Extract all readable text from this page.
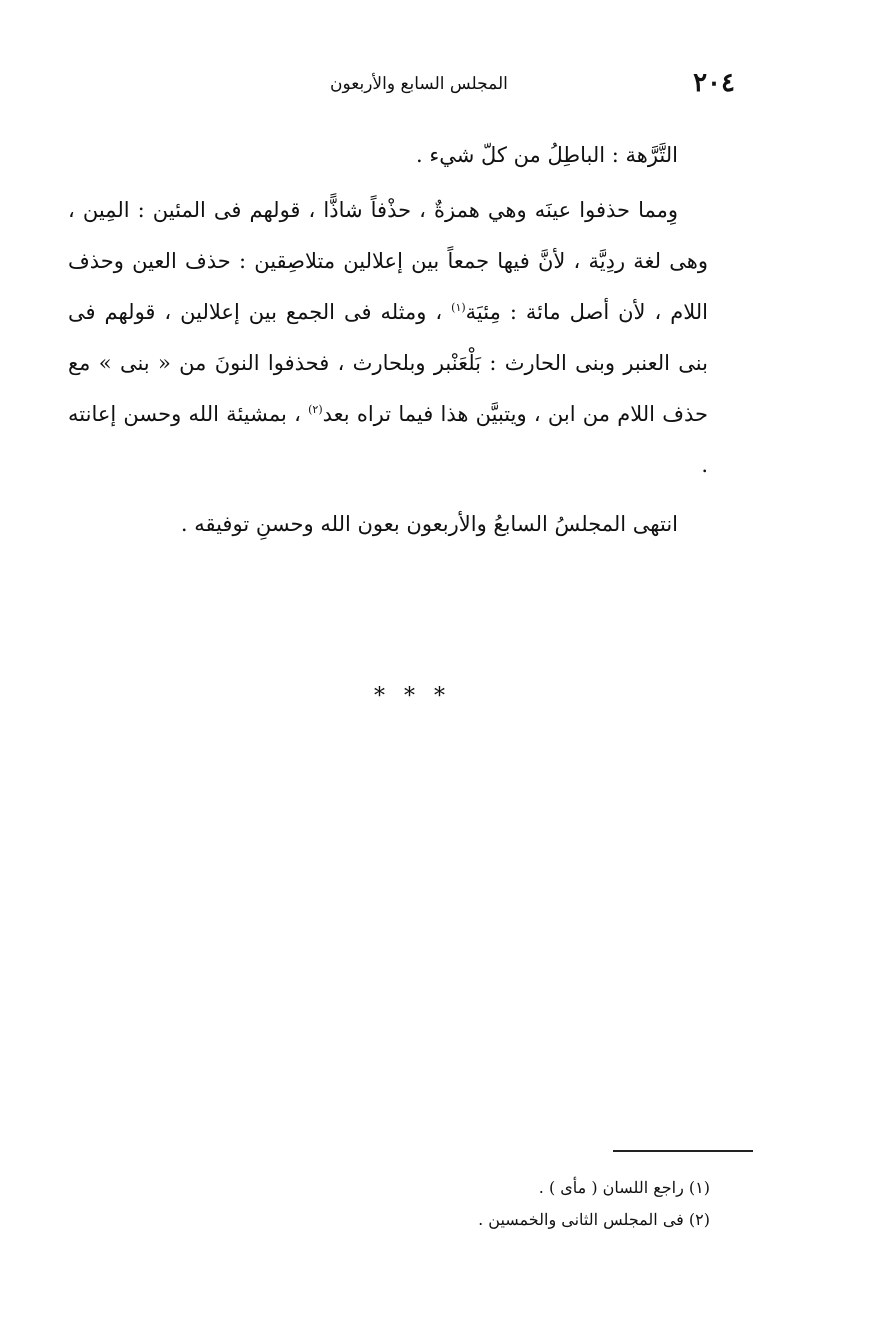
٢٠٤
المجلس السابع والأربعون

التَّرَّهة : الباطِلُ من كلّ شيء .

وِمما حذفوا عينَه وهي همزةٌ ، حذْفاً شاذًّا ، قولهم فى المئين : المِين ، وهى لغة ردِيَّة ، لأنَّ فيها جمعاً بين إعلالين متلاصِقين : حذف العين وحذف اللام ، لأن أصل مائة : مِئيَة$^{(١)}$ ، ومثله فى الجمع بين إعلالين ، قولهم فى بنى العنبر وبنى الحارث : بَلْعَنْبر وبلحارث ، فحذفوا النونَ من « بنى » مع حذف اللام من ابن ، ويتبيَّن هذا فيما تراه بعد$^{(٢)}$ ، بمشيئة الله وحسن إعانته .

انتهى المجلسُ السابعُ والأربعون بعون الله وحسنِ توفيقه .

* * *

(١) راجع اللسان ( مأى ) .

(٢) فى المجلس الثانى والخمسين .
